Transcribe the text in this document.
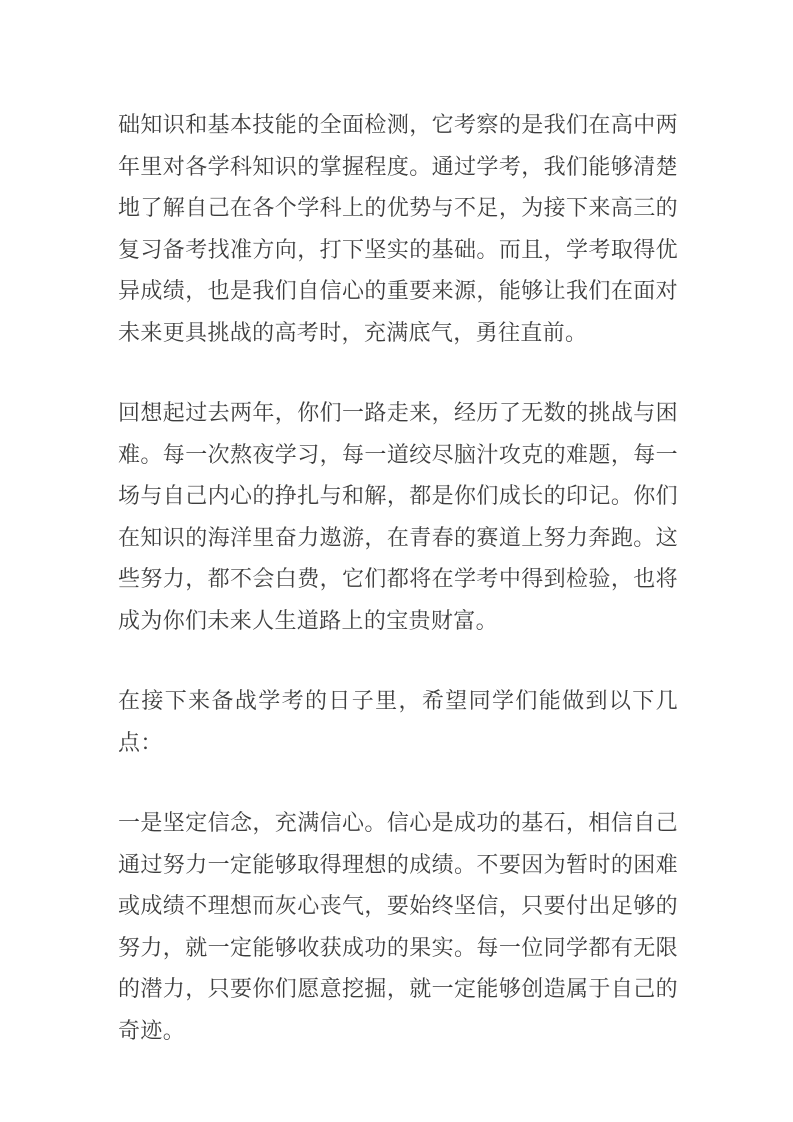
础知识和基本技能的全面检测，它考察的是我们在高中两年里对各学科知识的掌握程度。通过学考，我们能够清楚地了解自己在各个学科上的优势与不足，为接下来高三的复习备考找准方向，打下坚实的基础。而且，学考取得优异成绩，也是我们自信心的重要来源，能够让我们在面对未来更具挑战的高考时，充满底气，勇往直前。

回想起过去两年，你们一路走来，经历了无数的挑战与困难。每一次熬夜学习，每一道绞尽脑汁攻克的难题，每一场与自己内心的挣扎与和解，都是你们成长的印记。你们在知识的海洋里奋力遨游，在青春的赛道上努力奔跑。这些努力，都不会白费，它们都将在学考中得到检验，也将成为你们未来人生道路上的宝贵财富。

在接下来备战学考的日子里，希望同学们能做到以下几点：

一是坚定信念，充满信心。信心是成功的基石，相信自己通过努力一定能够取得理想的成绩。不要因为暂时的困难或成绩不理想而灰心丧气，要始终坚信，只要付出足够的努力，就一定能够收获成功的果实。每一位同学都有无限的潜力，只要你们愿意挖掘，就一定能够创造属于自己的奇迹。
